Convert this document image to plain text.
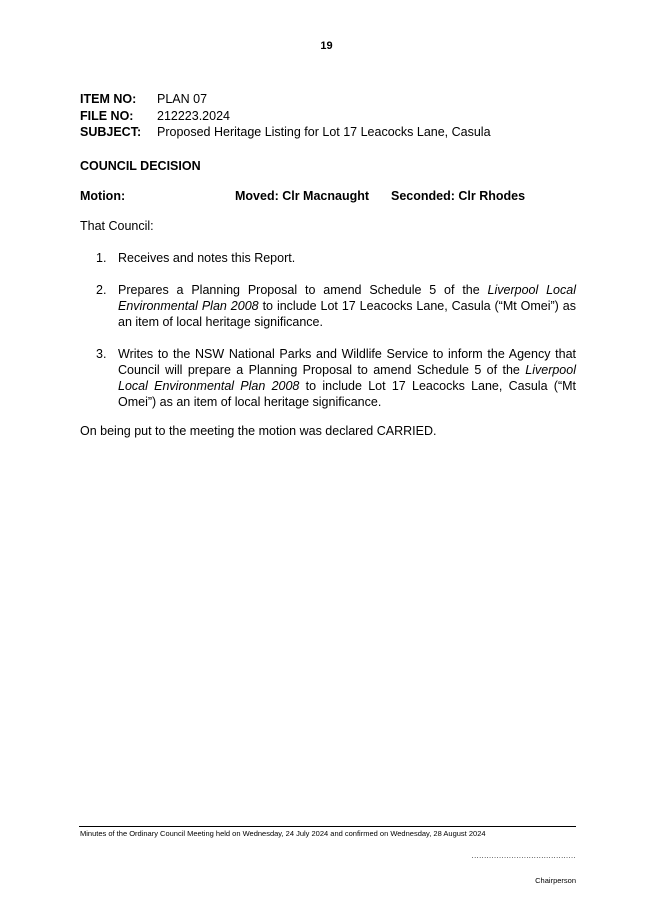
19
ITEM NO: PLAN 07
FILE NO: 212223.2024
SUBJECT: Proposed Heritage Listing for Lot 17 Leacocks Lane, Casula
COUNCIL DECISION
Motion:	Moved: Clr Macnaught Seconded: Clr Rhodes
That Council:
1. Receives and notes this Report.
2. Prepares a Planning Proposal to amend Schedule 5 of the Liverpool Local Environmental Plan 2008 to include Lot 17 Leacocks Lane, Casula (“Mt Omei”) as an item of local heritage significance.
3. Writes to the NSW National Parks and Wildlife Service to inform the Agency that Council will prepare a Planning Proposal to amend Schedule 5 of the Liverpool Local Environmental Plan 2008 to include Lot 17 Leacocks Lane, Casula (“Mt Omei”) as an item of local heritage significance.
On being put to the meeting the motion was declared CARRIED.
Minutes of the Ordinary Council Meeting held on Wednesday, 24 July 2024 and confirmed on Wednesday, 28 August 2024
..........................................
Chairperson
